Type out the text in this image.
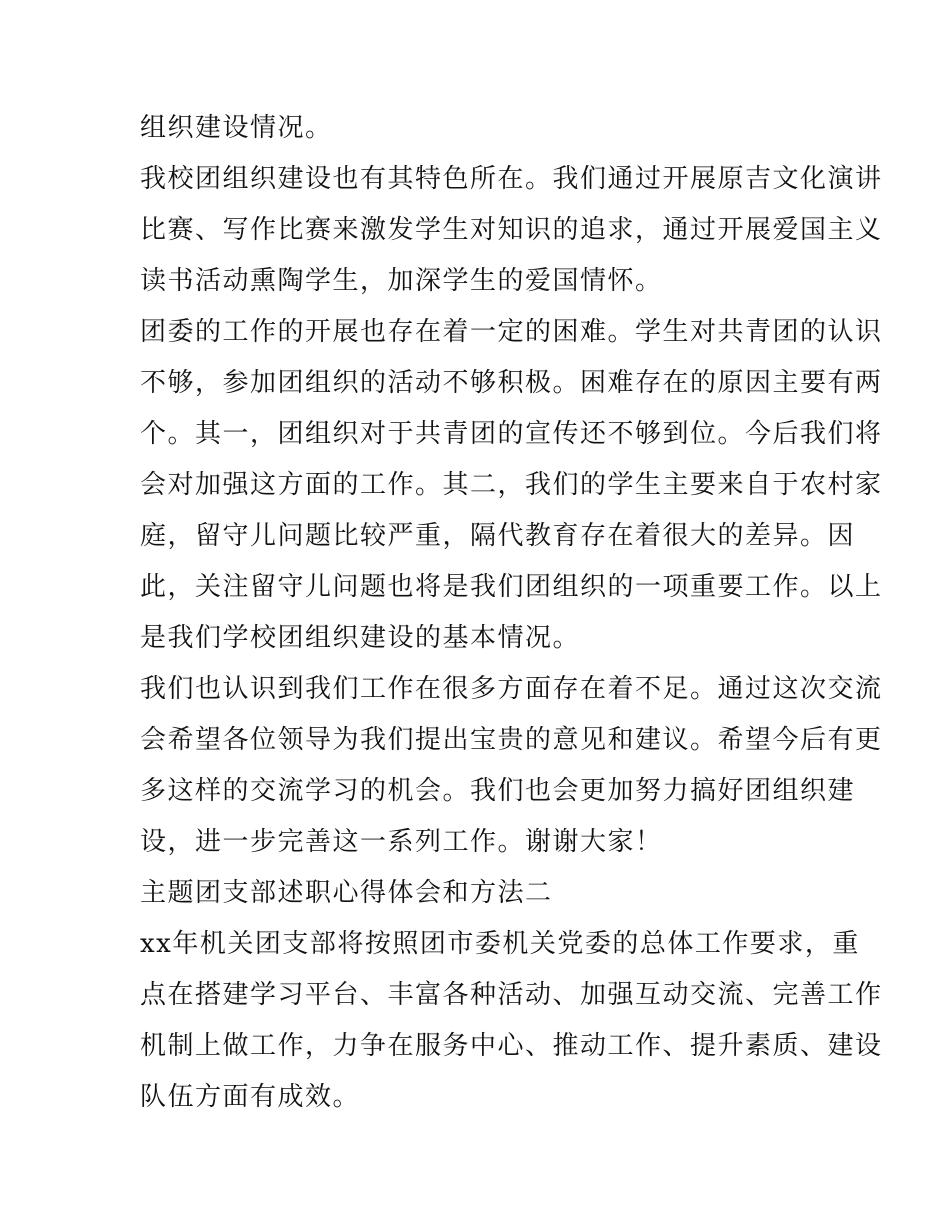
组织建设情况。
我校团组织建设也有其特色所在。我们通过开展原吉文化演讲
比赛、写作比赛来激发学生对知识的追求，通过开展爱国主义
读书活动熏陶学生，加深学生的爱国情怀。
团委的工作的开展也存在着一定的困难。学生对共青团的认识
不够，参加团组织的活动不够积极。困难存在的原因主要有两
个。其一，团组织对于共青团的宣传还不够到位。今后我们将
会对加强这方面的工作。其二，我们的学生主要来自于农村家
庭，留守儿问题比较严重，隔代教育存在着很大的差异。因
此，关注留守儿问题也将是我们团组织的一项重要工作。以上
是我们学校团组织建设的基本情况。
我们也认识到我们工作在很多方面存在着不足。通过这次交流
会希望各位领导为我们提出宝贵的意见和建议。希望今后有更
多这样的交流学习的机会。我们也会更加努力搞好团组织建
设，进一步完善这一系列工作。谢谢大家！
主题团支部述职心得体会和方法二
xx年机关团支部将按照团市委机关党委的总体工作要求，重
点在搭建学习平台、丰富各种活动、加强互动交流、完善工作
机制上做工作，力争在服务中心、推动工作、提升素质、建设
队伍方面有成效。
